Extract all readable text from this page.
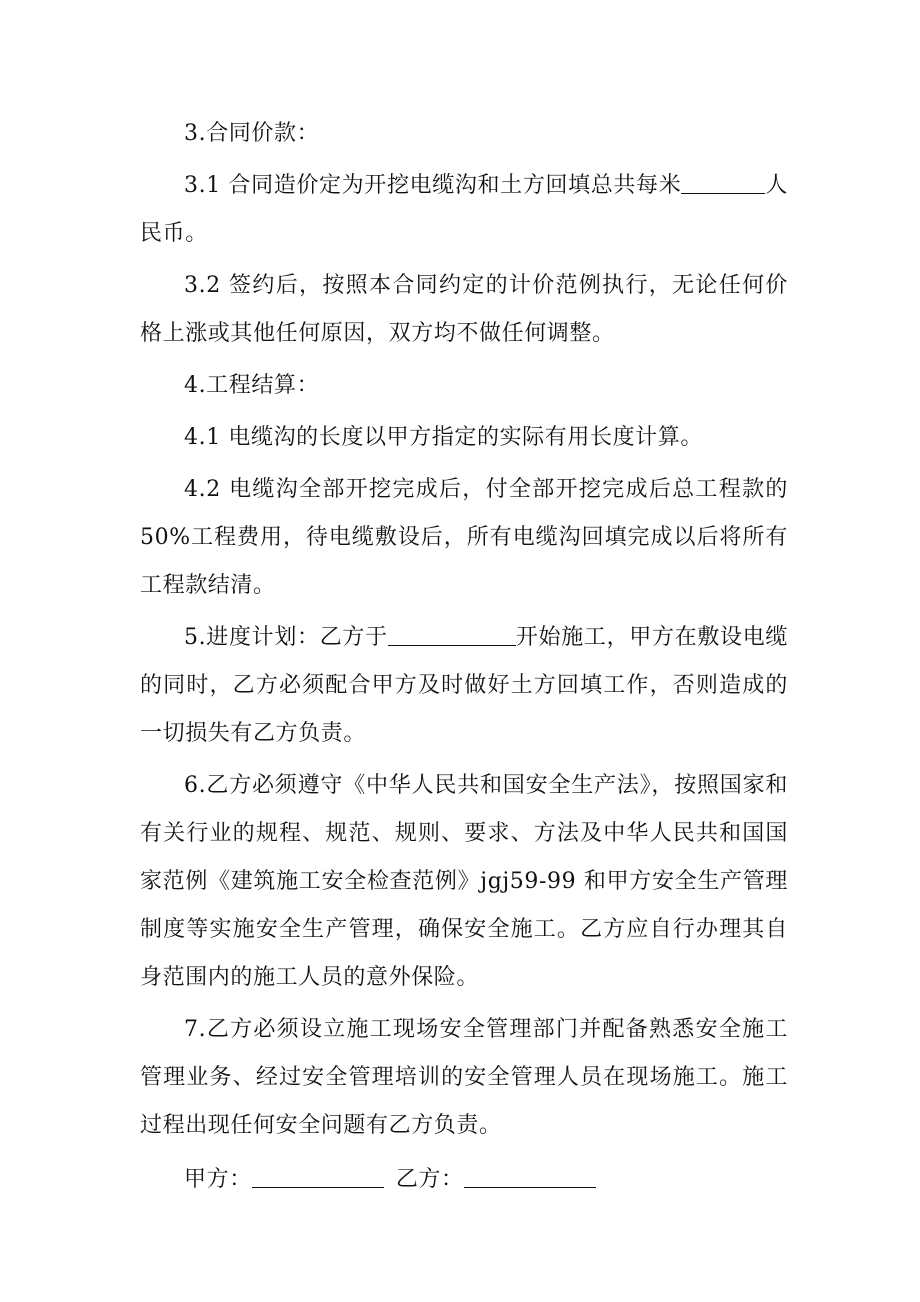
3.合同价款：

3.1 合同造价定为开挖电缆沟和土方回填总共每米	人民币。

3.2 签约后，按照本合同约定的计价范例执行，无论任何价格上涨或其他任何原因，双方均不做任何调整。

4.工程结算：

4.1 电缆沟的长度以甲方指定的实际有用长度计算。

4.2 电缆沟全部开挖完成后，付全部开挖完成后总工程款的 50%工程费用，待电缆敷设后，所有电缆沟回填完成以后将所有工程款结清。

5.进度计划：乙方于	开始施工，甲方在敷设电缆的同时，乙方必须配合甲方及时做好土方回填工作，否则造成的一切损失有乙方负责。

6.乙方必须遵守《中华人民共和国安全生产法》，按照国家和有关行业的规程、规范、规则、要求、方法及中华人民共和国国家范例《建筑施工安全检查范例》jgj59-99 和甲方安全生产管理制度等实施安全生产管理，确保安全施工。乙方应自行办理其自身范围内的施工人员的意外保险。

7.乙方必须设立施工现场安全管理部门并配备熟悉安全施工管理业务、经过安全管理培训的安全管理人员在现场施工。施工过程出现任何安全问题有乙方负责。

甲方：	乙方：
